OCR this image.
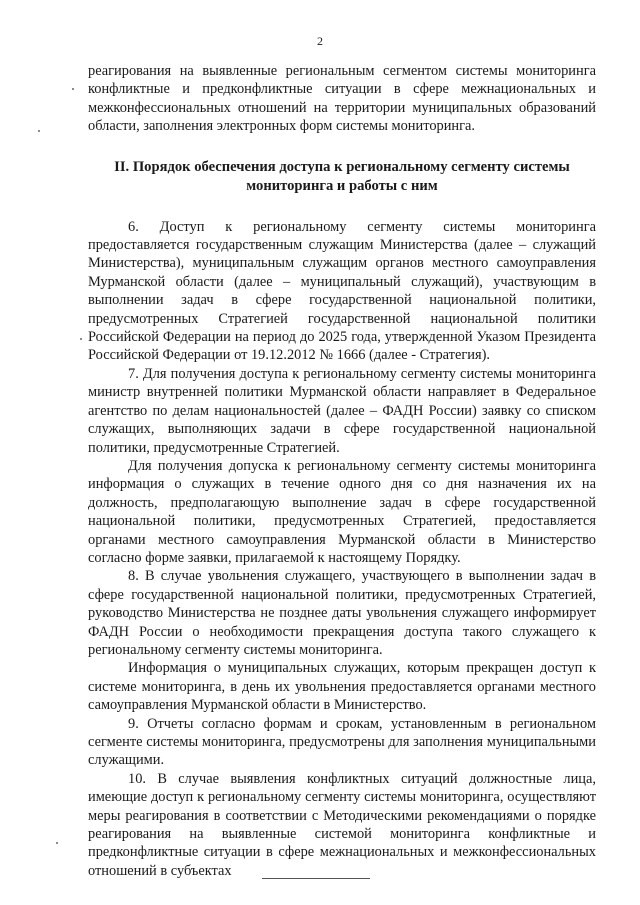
2

реагирования на выявленные региональным сегментом системы мониторинга конфликтные и предконфликтные ситуации в сфере межнациональных и межконфессиональных отношений на территории муниципальных образований области, заполнения электронных форм системы мониторинга.

II. Порядок обеспечения доступа к региональному сегменту системы
мониторинга и работы с ним

6. Доступ к региональному сегменту системы мониторинга предоставляется государственным служащим Министерства (далее – служащий Министерства), муниципальным служащим органов местного самоуправления Мурманской области (далее – муниципальный служащий), участвующим в выполнении задач в сфере государственной национальной политики, предусмотренных Стратегией государственной национальной политики Российской Федерации на период до 2025 года, утвержденной Указом Президента Российской Федерации от 19.12.2012 № 1666 (далее - Стратегия).

7. Для получения доступа к региональному сегменту системы мониторинга министр внутренней политики Мурманской области направляет в Федеральное агентство по делам национальностей (далее – ФАДН России) заявку со списком служащих, выполняющих задачи в сфере государственной национальной политики, предусмотренные Стратегией.

Для получения допуска к региональному сегменту системы мониторинга информация о служащих в течение одного дня со дня назначения их на должность, предполагающую выполнение задач в сфере государственной национальной политики, предусмотренных Стратегией, предоставляется органами местного самоуправления Мурманской области в Министерство согласно форме заявки, прилагаемой к настоящему Порядку.

8. В случае увольнения служащего, участвующего в выполнении задач в сфере государственной национальной политики, предусмотренных Стратегией, руководство Министерства не позднее даты увольнения служащего информирует ФАДН России о необходимости прекращения доступа такого служащего к региональному сегменту системы мониторинга.

Информация о муниципальных служащих, которым прекращен доступ к системе мониторинга, в день их увольнения предоставляется органами местного самоуправления Мурманской области в Министерство.

9. Отчеты согласно формам и срокам, установленным в региональном сегменте системы мониторинга, предусмотрены для заполнения муниципальными служащими.

10. В случае выявления конфликтных ситуаций должностные лица, имеющие доступ к региональному сегменту системы мониторинга, осуществляют меры реагирования в соответствии с Методическими рекомендациями о порядке реагирования на выявленные системой мониторинга конфликтные и предконфликтные ситуации в сфере межнациональных и межконфессиональных отношений в субъектах
